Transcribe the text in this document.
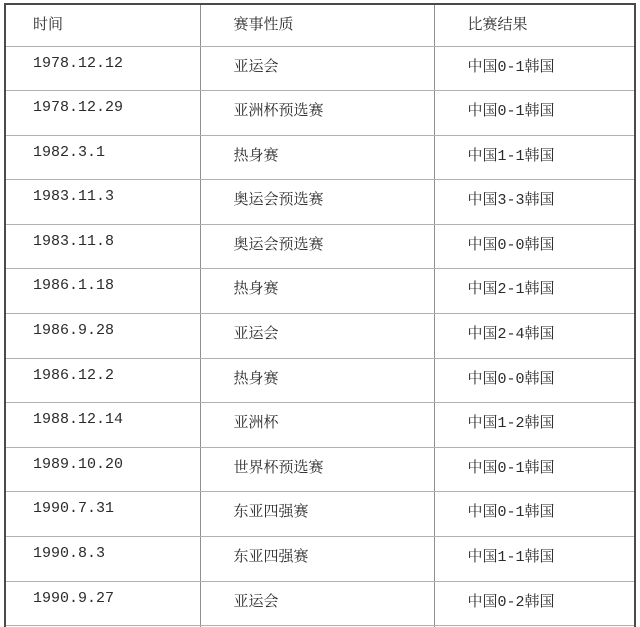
时间	赛事性质	比赛结果
1978.12.12	亚运会	中国0-1韩国
1978.12.29	亚洲杯预选赛	中国0-1韩国
1982.3.1	热身赛	中国1-1韩国
1983.11.3	奥运会预选赛	中国3-3韩国
1983.11.8	奥运会预选赛	中国0-0韩国
1986.1.18	热身赛	中国2-1韩国
1986.9.28	亚运会	中国2-4韩国
1986.12.2	热身赛	中国0-0韩国
1988.12.14	亚洲杯	中国1-2韩国
1989.10.20	世界杯预选赛	中国0-1韩国
1990.7.31	东亚四强赛	中国0-1韩国
1990.8.3	东亚四强赛	中国1-1韩国
1990.9.27	亚运会	中国0-2韩国
